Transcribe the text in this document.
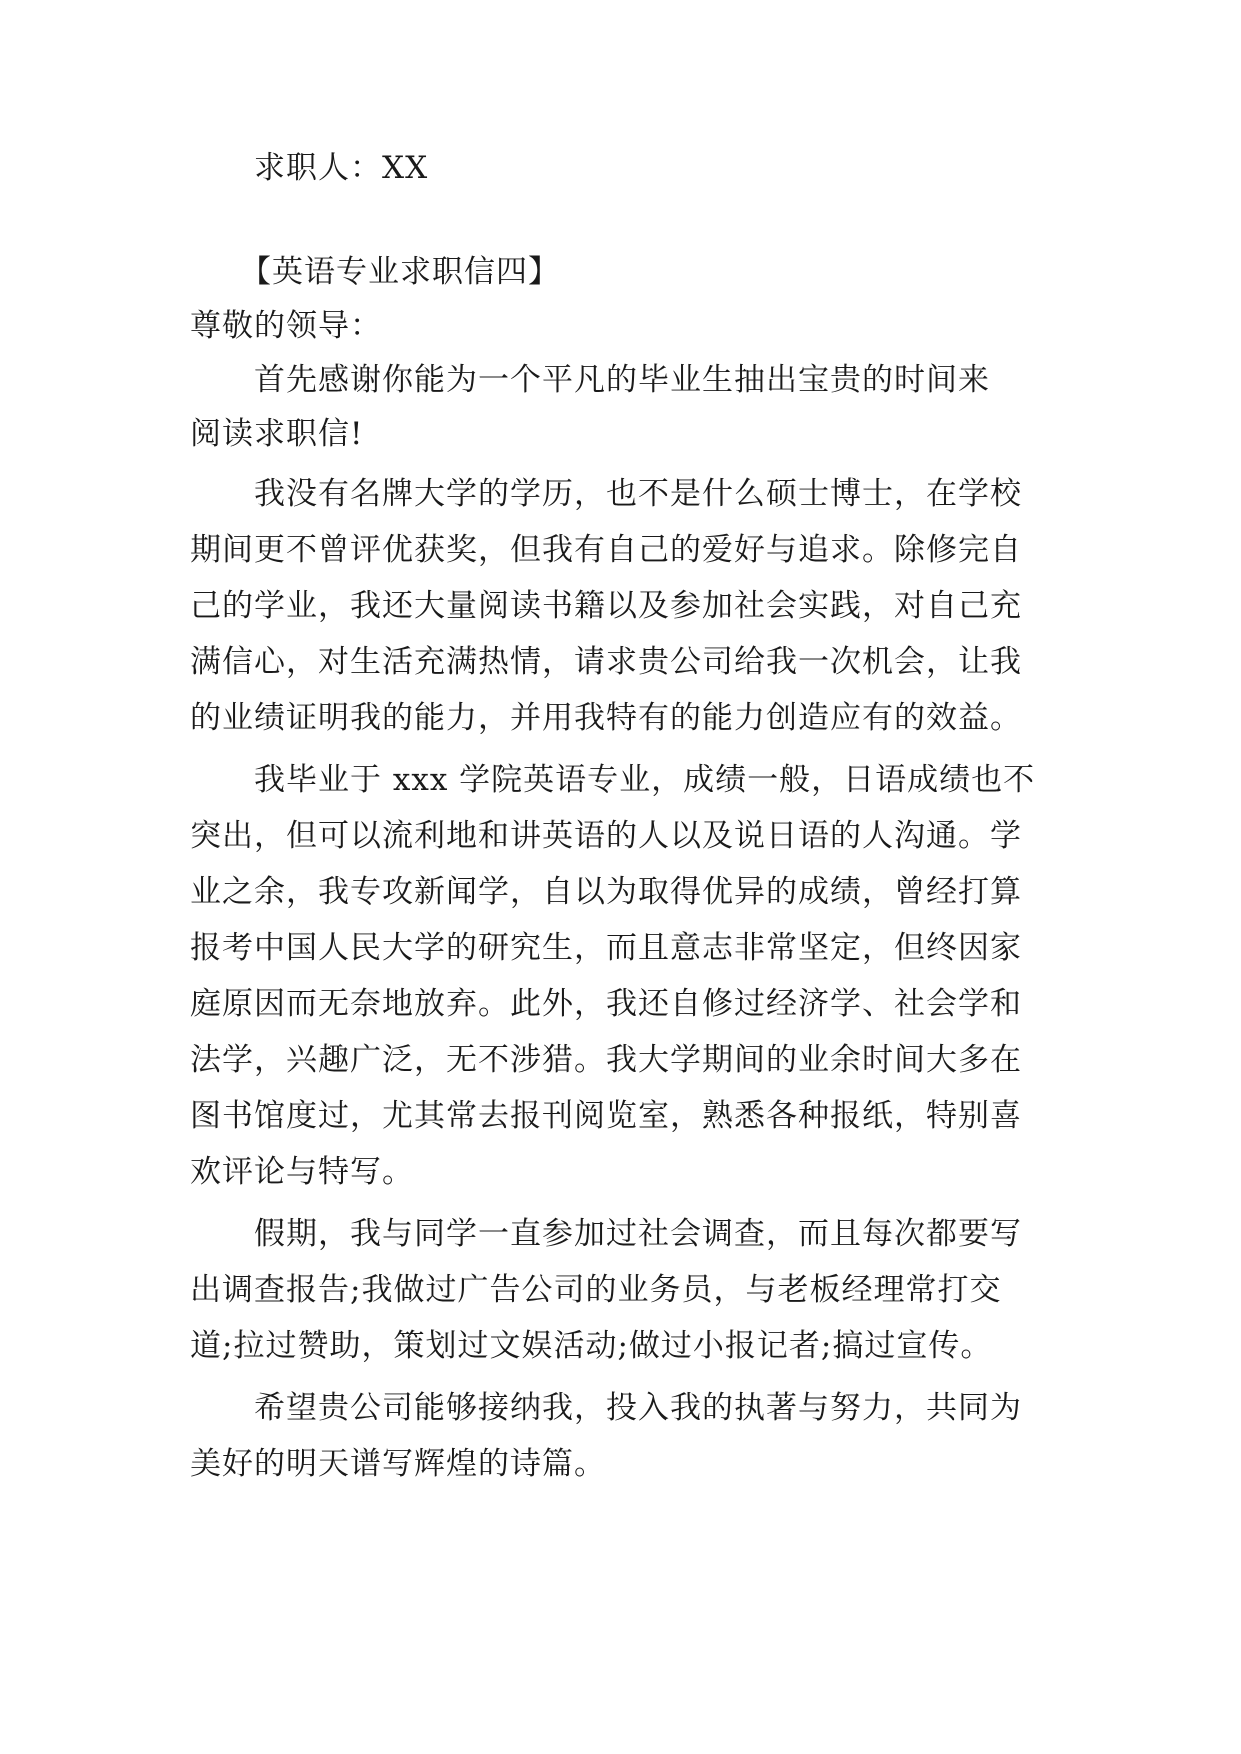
求职人：XX
【英语专业求职信四】
尊敬的领导：
首先感谢你能为一个平凡的毕业生抽出宝贵的时间来
阅读求职信!
我没有名牌大学的学历，也不是什么硕士博士，在学校
期间更不曾评优获奖，但我有自己的爱好与追求。除修完自
己的学业，我还大量阅读书籍以及参加社会实践，对自己充
满信心，对生活充满热情，请求贵公司给我一次机会，让我
的业绩证明我的能力，并用我特有的能力创造应有的效益。
我毕业于 xxx 学院英语专业，成绩一般，日语成绩也不
突出，但可以流利地和讲英语的人以及说日语的人沟通。学
业之余，我专攻新闻学，自以为取得优异的成绩，曾经打算
报考中国人民大学的研究生，而且意志非常坚定，但终因家
庭原因而无奈地放弃。此外，我还自修过经济学、社会学和
法学，兴趣广泛，无不涉猎。我大学期间的业余时间大多在
图书馆度过，尤其常去报刊阅览室，熟悉各种报纸，特别喜
欢评论与特写。
假期，我与同学一直参加过社会调查，而且每次都要写
出调查报告;我做过广告公司的业务员，与老板经理常打交
道;拉过赞助，策划过文娱活动;做过小报记者;搞过宣传。
希望贵公司能够接纳我，投入我的执著与努力，共同为
美好的明天谱写辉煌的诗篇。
